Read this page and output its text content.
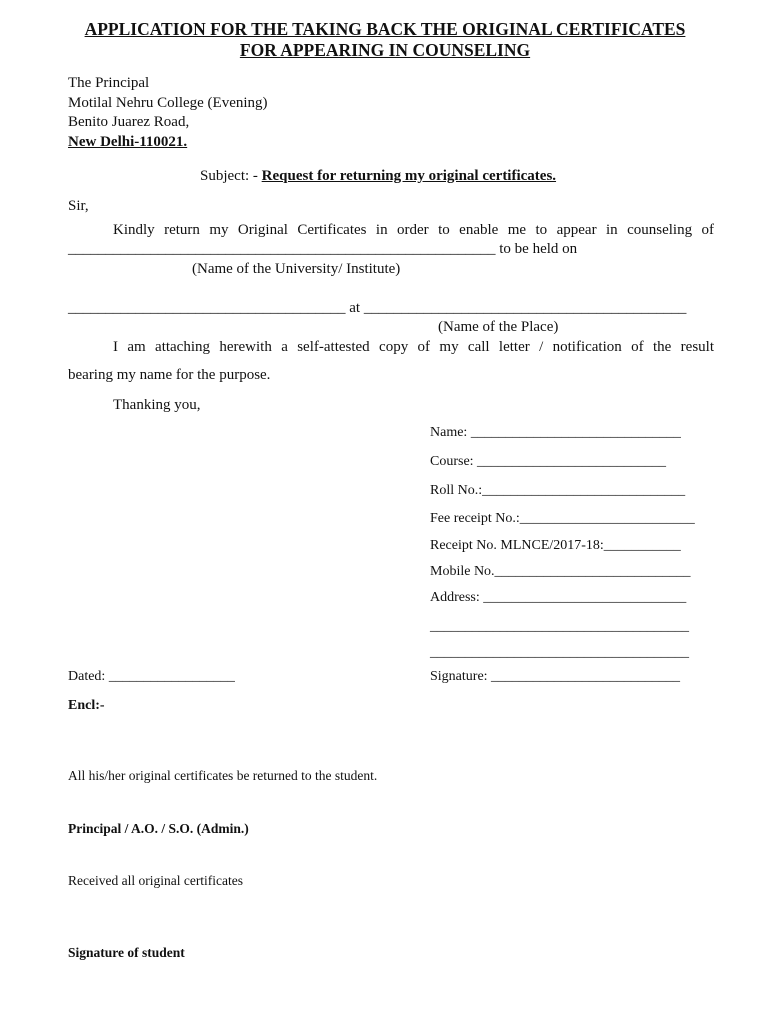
APPLICATION FOR THE TAKING BACK THE ORIGINAL CERTIFICATES
FOR APPEARING IN COUNSELING
The Principal
Motilal Nehru College (Evening)
Benito Juarez Road,
New Delhi-110021.
Subject: - Request for returning my original certificates.
Sir,
Kindly return my Original Certificates in order to enable me to appear in counseling of
_________________________________________________________ to be held on
(Name of the University/ Institute)
_____________________________________ at ___________________________________________
(Name of the Place)
I am attaching herewith a self-attested copy of my call letter / notification of the result
bearing my name for the purpose.
Thanking you,
Name: ______________________________
Course: ___________________________
Roll No.:_____________________________
Fee receipt No.:_________________________
Receipt No. MLNCE/2017-18:___________
Mobile No.____________________________
Address: _____________________________
_____________________________________
_____________________________________
Dated: __________________	Signature: ___________________________
Encl:-
All his/her original certificates be returned to the student.
Principal / A.O. / S.O. (Admin.)
Received all original certificates
Signature of student
